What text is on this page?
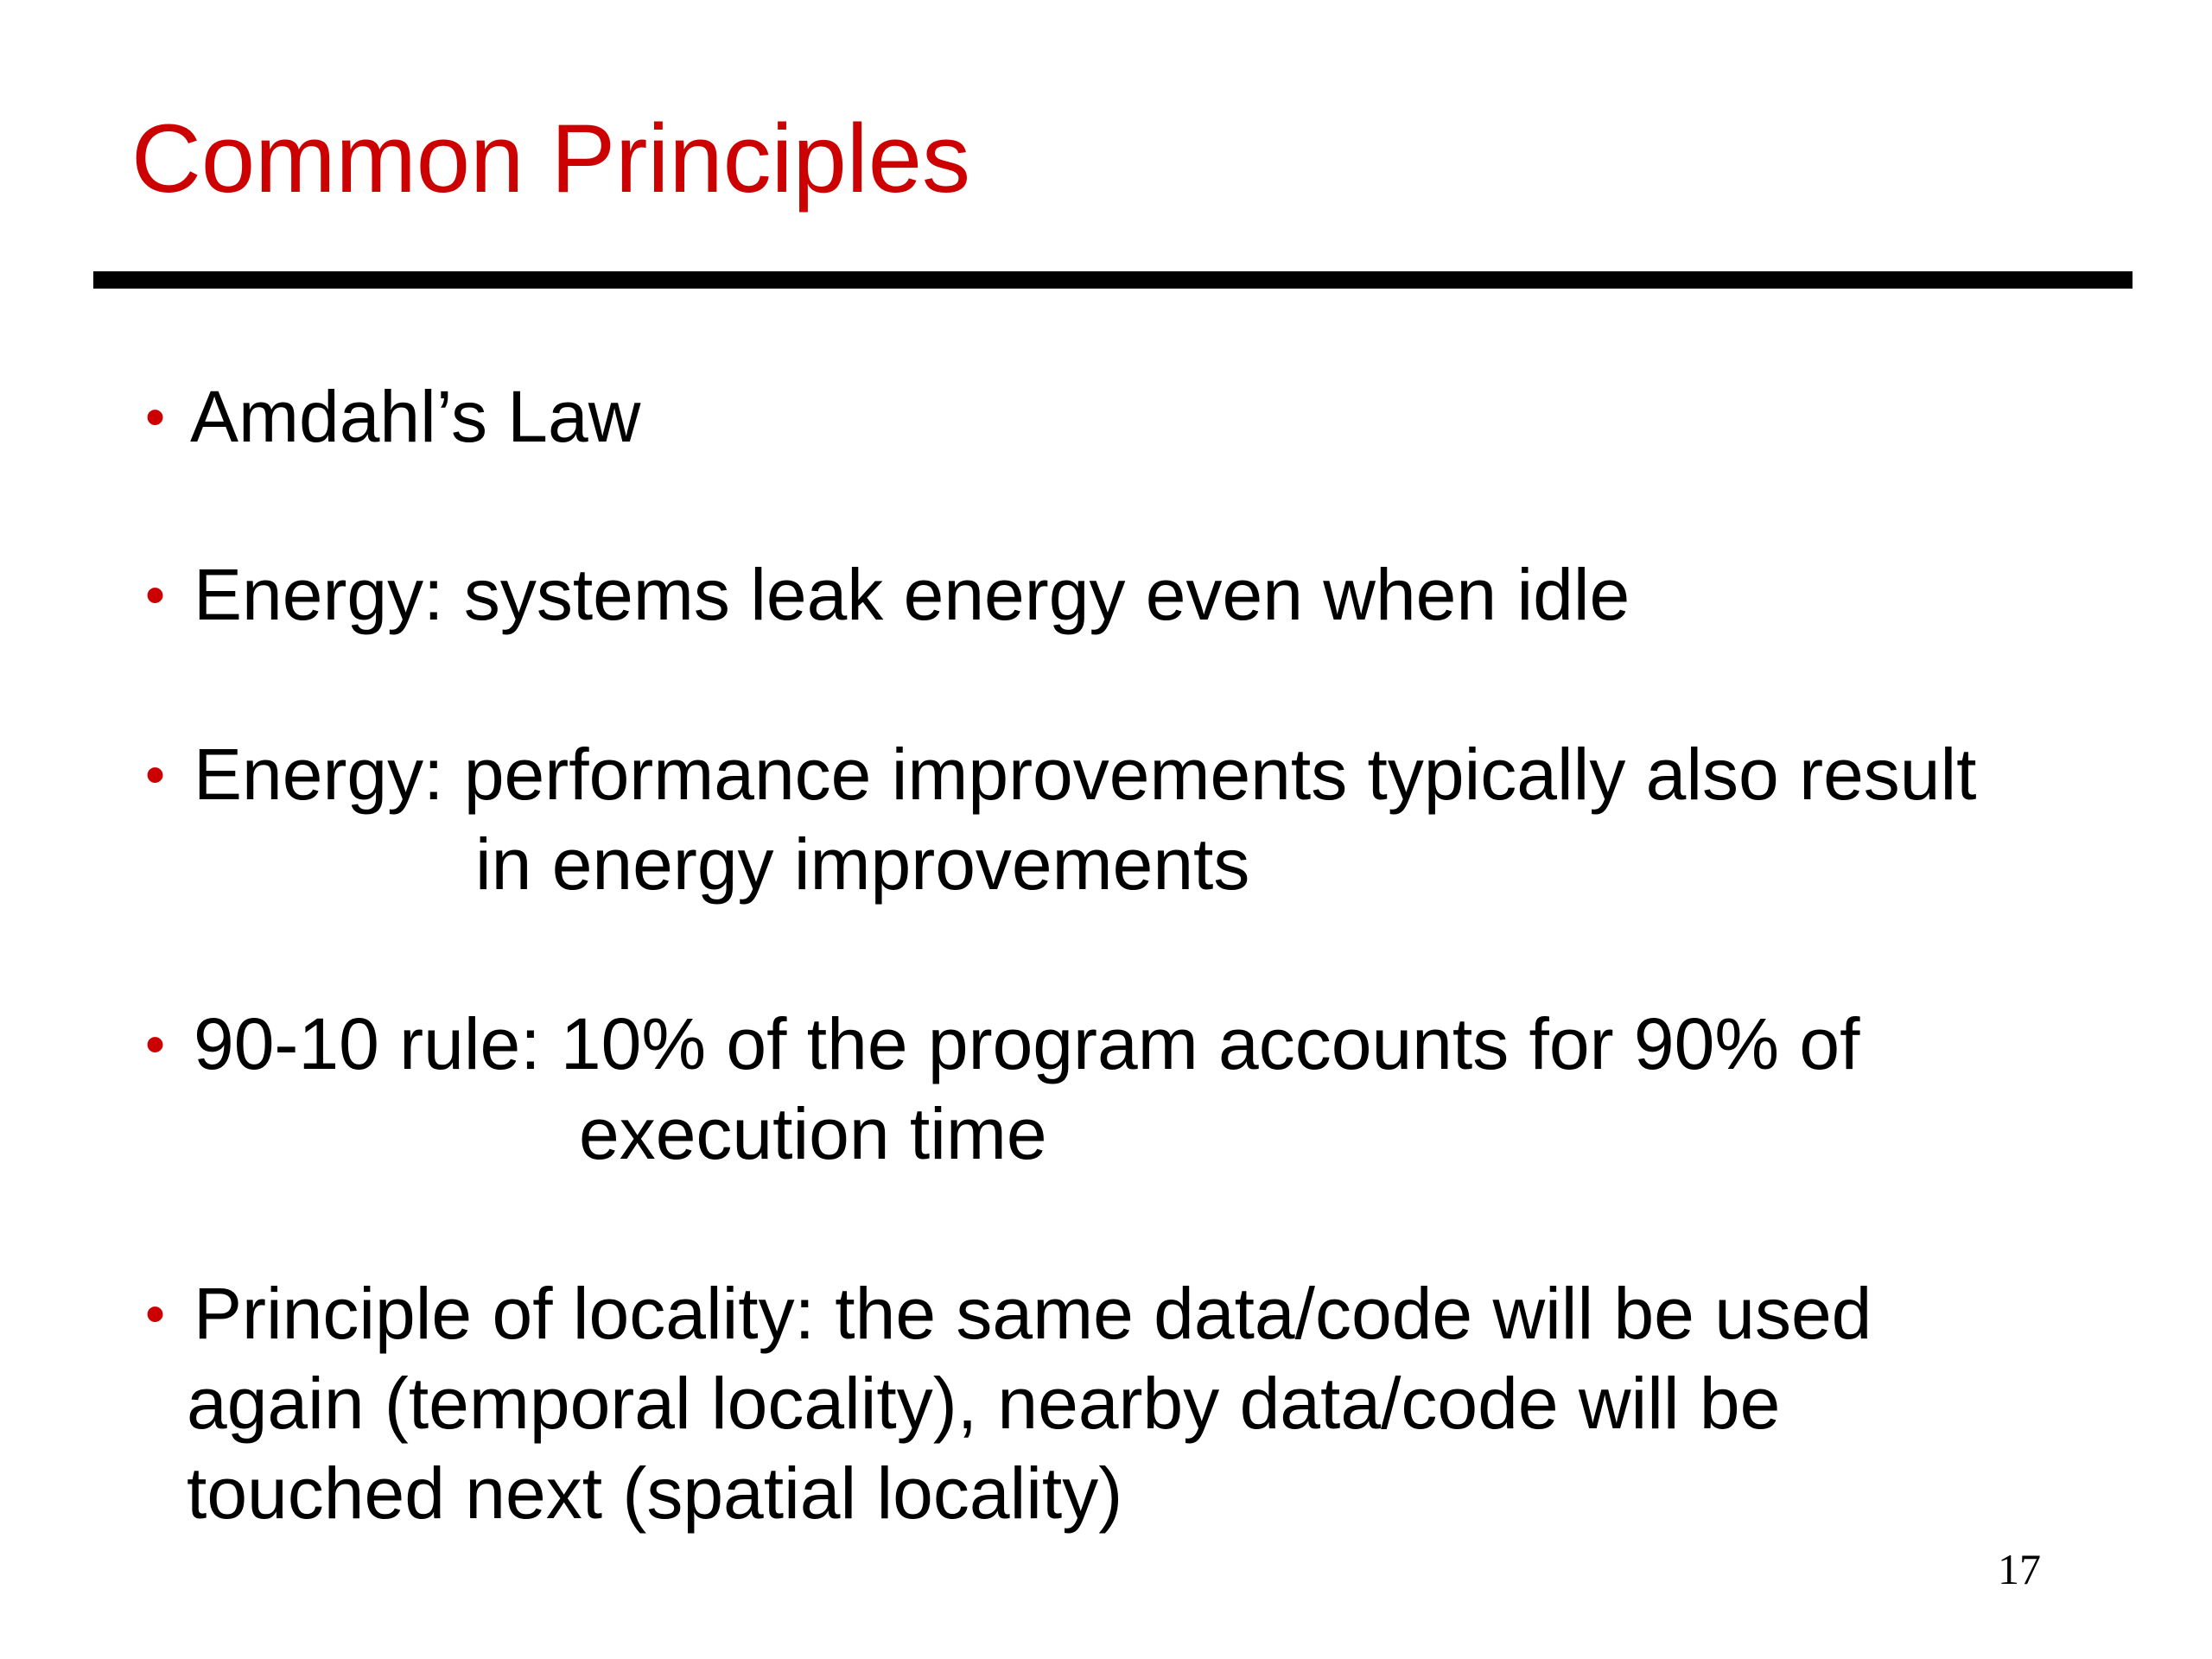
Common Principles
• Amdahl’s Law
• Energy: systems leak energy even when idle
• Energy: performance improvements typically also result
in energy improvements
• 90-10 rule: 10% of the program accounts for 90% of
execution time
• Principle of locality: the same data/code will be used
again (temporal locality), nearby data/code will be
touched next (spatial locality)
17
